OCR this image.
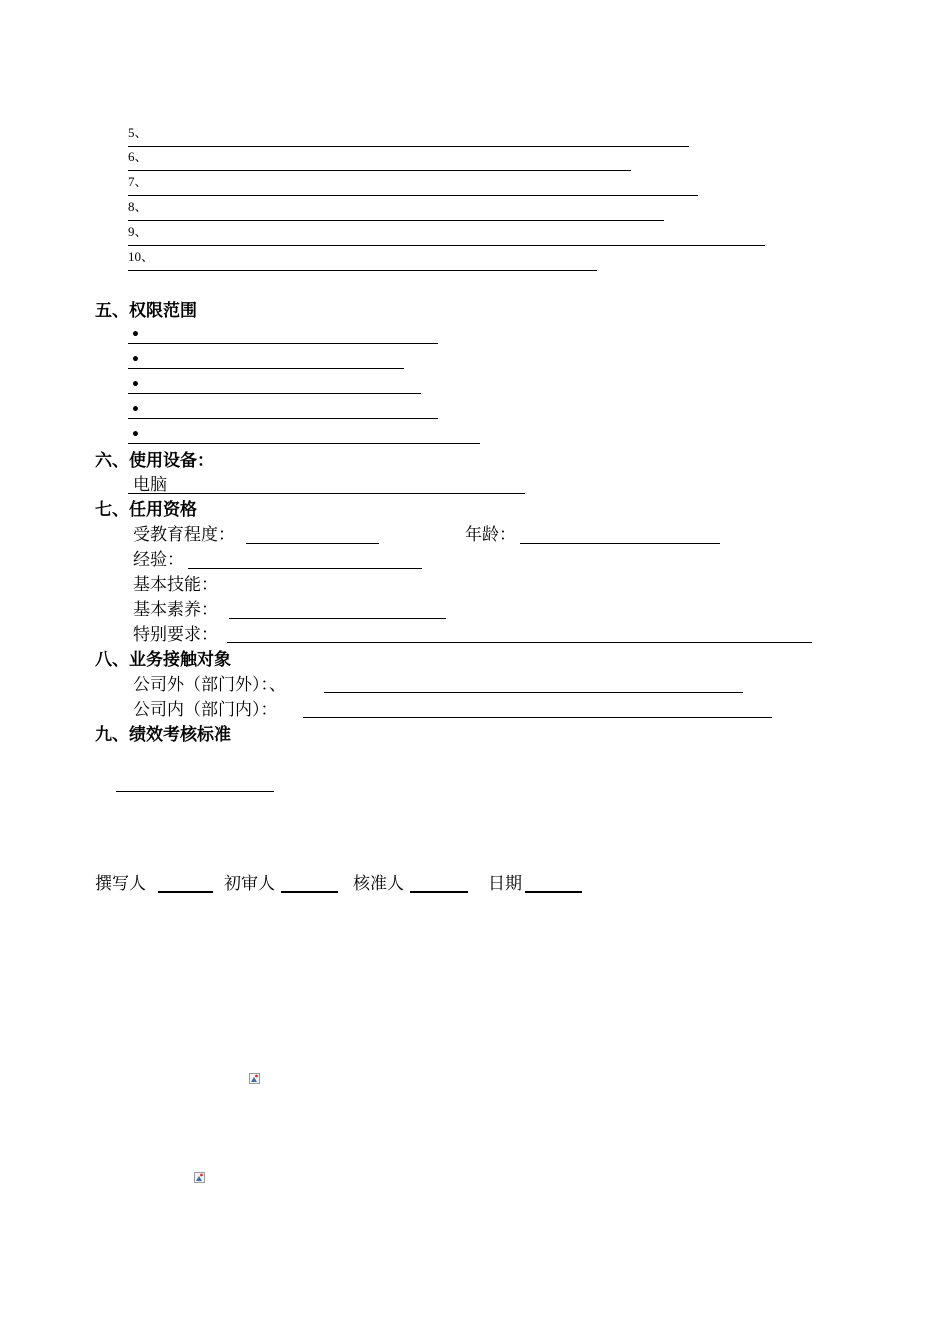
5、
6、
7、
8、
9、
10、
五、权限范围
•
•
•
•
•
六、使用设备：
电脑
七、任用资格
受教育程度：	年龄：
经验：
基本技能：
基本素养：
特别要求：
八、业务接触对象
公司外（部门外）：、
公司内（部门内）：
九、绩效考核标准
撰写人	初审人	核准人	日期
